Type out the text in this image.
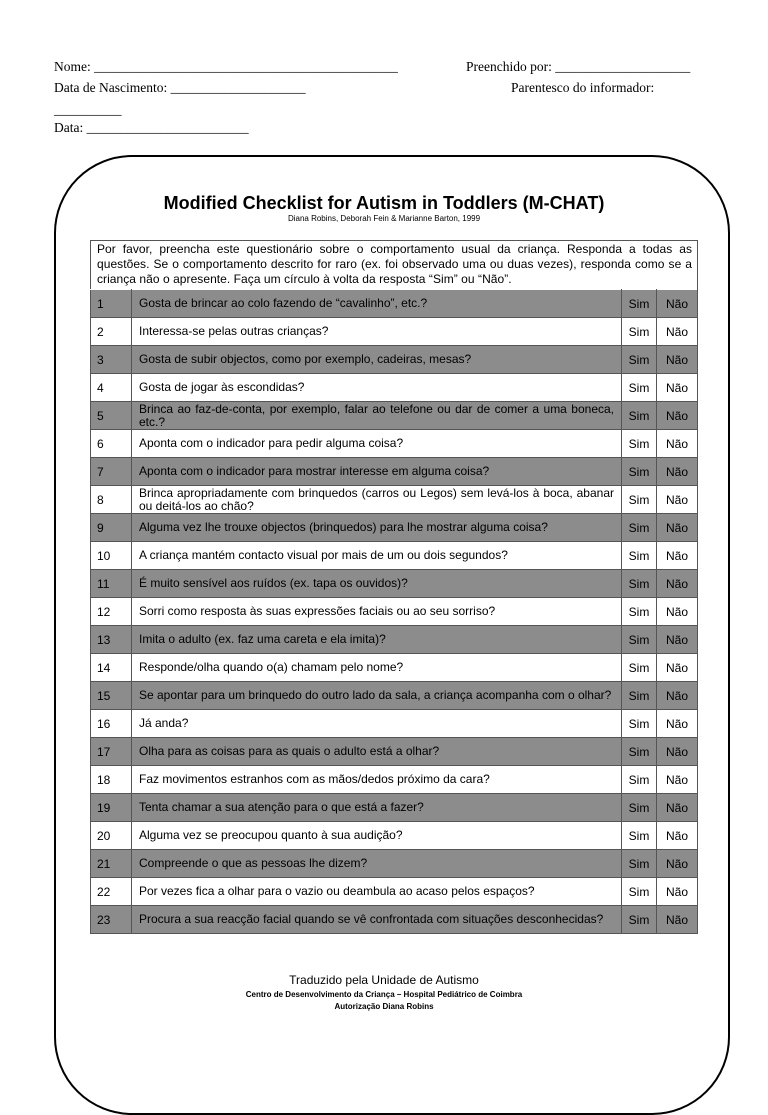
Nome: _____________________________________________	Preenchido por: ____________________
Data de Nascimento: ____________________	Parentesco do informador:
__________
Data: ________________________
Modified Checklist for Autism in Toddlers (M-CHAT)
Diana Robins, Deborah Fein & Marianne Barton, 1999
Por favor, preencha este questionário sobre o comportamento usual da criança. Responda a todas as questões. Se o comportamento descrito for raro (ex. foi observado uma ou duas vezes), responda como se a criança não o apresente. Faça um círculo à volta da resposta “Sim” ou “Não”.
1	Gosta de brincar ao colo fazendo de “cavalinho”, etc.?	Sim	Não
2	Interessa-se pelas outras crianças?	Sim	Não
3	Gosta de subir objectos, como por exemplo, cadeiras, mesas?	Sim	Não
4	Gosta de jogar às escondidas?	Sim	Não
5	Brinca ao faz-de-conta, por exemplo, falar ao telefone ou dar de comer a uma boneca, etc.?	Sim	Não
6	Aponta com o indicador para pedir alguma coisa?	Sim	Não
7	Aponta com o indicador para mostrar interesse em alguma coisa?	Sim	Não
8	Brinca apropriadamente com brinquedos (carros ou Legos) sem levá-los à boca, abanar ou deitá-los ao chão?	Sim	Não
9	Alguma vez lhe trouxe objectos (brinquedos) para lhe mostrar alguma coisa?	Sim	Não
10	A criança mantém contacto visual por mais de um ou dois segundos?	Sim	Não
11	É muito sensível aos ruídos (ex. tapa os ouvidos)?	Sim	Não
12	Sorri como resposta às suas expressões faciais ou ao seu sorriso?	Sim	Não
13	Imita o adulto (ex. faz uma careta e ela imita)?	Sim	Não
14	Responde/olha quando o(a) chamam pelo nome?	Sim	Não
15	Se apontar para um brinquedo do outro lado da sala, a criança acompanha com o olhar?	Sim	Não
16	Já anda?	Sim	Não
17	Olha para as coisas para as quais o adulto está a olhar?	Sim	Não
18	Faz movimentos estranhos com as mãos/dedos próximo da cara?	Sim	Não
19	Tenta chamar a sua atenção para o que está a fazer?	Sim	Não
20	Alguma vez se preocupou quanto à sua audição?	Sim	Não
21	Compreende o que as pessoas lhe dizem?	Sim	Não
22	Por vezes fica a olhar para o vazio ou deambula ao acaso pelos espaços?	Sim	Não
23	Procura a sua reacção facial quando se vê confrontada com situações desconhecidas?	Sim	Não
Traduzido pela Unidade de Autismo
Centro de Desenvolvimento da Criança – Hospital Pediátrico de Coimbra
Autorização Diana Robins
